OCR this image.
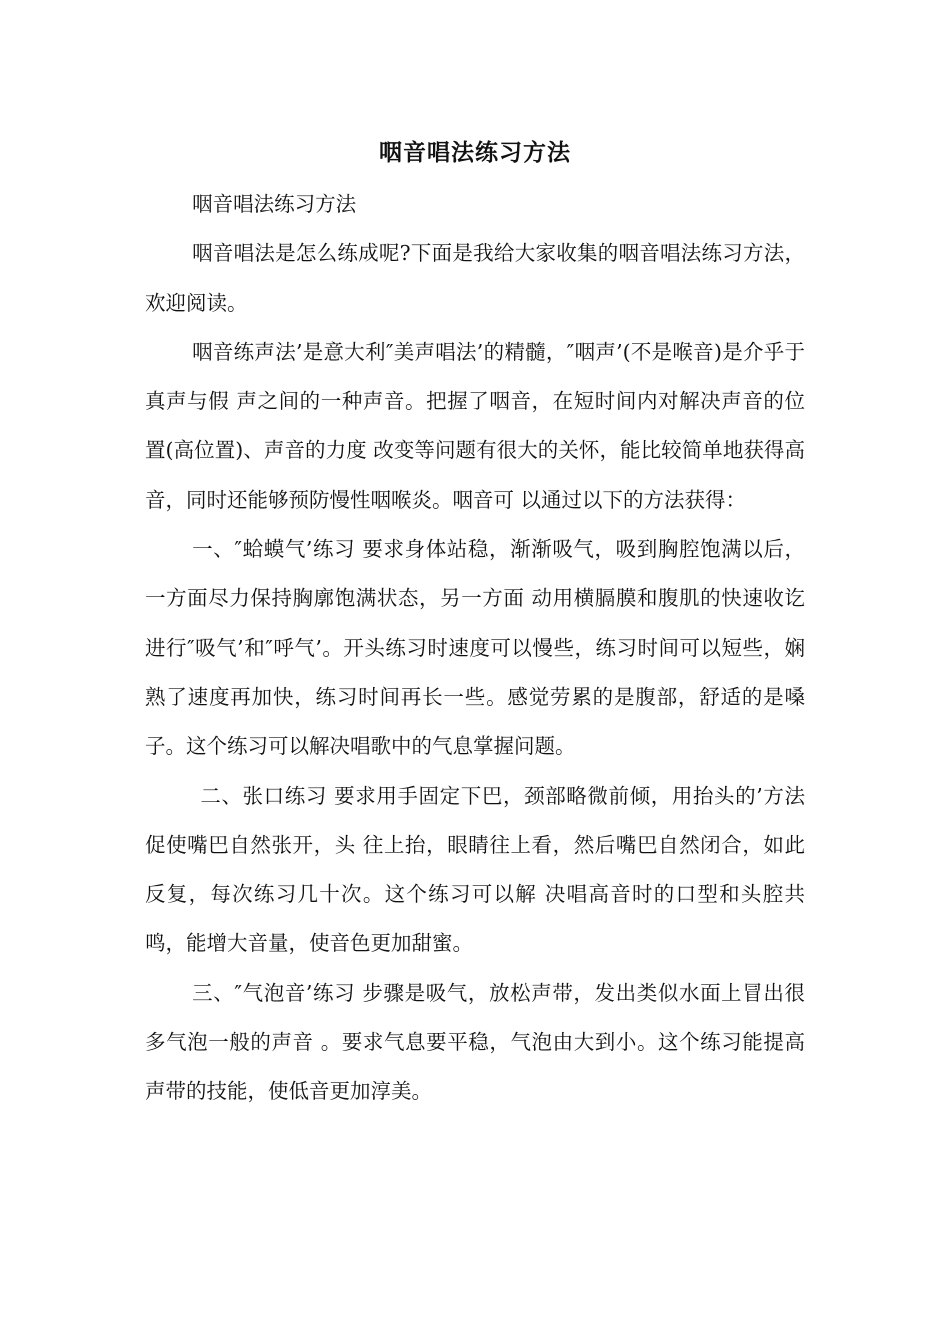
咽音唱法练习方法

咽音唱法练习方法

咽音唱法是怎么练成呢?下面是我给大家收集的咽音唱法练习方法，欢迎阅读。

咽音练声法’是意大利″美声唱法’的精髓，″咽声’(不是喉音)是介乎于真声与假 声之间的一种声音。把握了咽音，在短时间内对解决声音的位置(高位置)、声音的力度 改变等问题有很大的关怀，能比较简单地获得高音，同时还能够预防慢性咽喉炎。咽音可 以通过以下的方法获得：

一、″蛤蟆气’练习 要求身体站稳，渐渐吸气，吸到胸腔饱满以后，一方面尽力保持胸廓饱满状态，另一方面 动用横膈膜和腹肌的快速收讫进行″吸气’和″呼气’。开头练习时速度可以慢些，练习时间可以短些，娴熟了速度再加快，练习时间再长一些。感觉劳累的是腹部，舒适的是嗓 子。这个练习可以解决唱歌中的气息掌握问题。

二、张口练习 要求用手固定下巴，颈部略微前倾，用抬头的’方法促使嘴巴自然张开，头 往上抬，眼睛往上看，然后嘴巴自然闭合，如此反复，每次练习几十次。这个练习可以解 决唱高音时的口型和头腔共鸣，能增大音量，使音色更加甜蜜。

三、″气泡音’练习 步骤是吸气，放松声带，发出类似水面上冒出很多气泡一般的声音 。要求气息要平稳，气泡由大到小。这个练习能提高声带的技能，使低音更加淳美。
